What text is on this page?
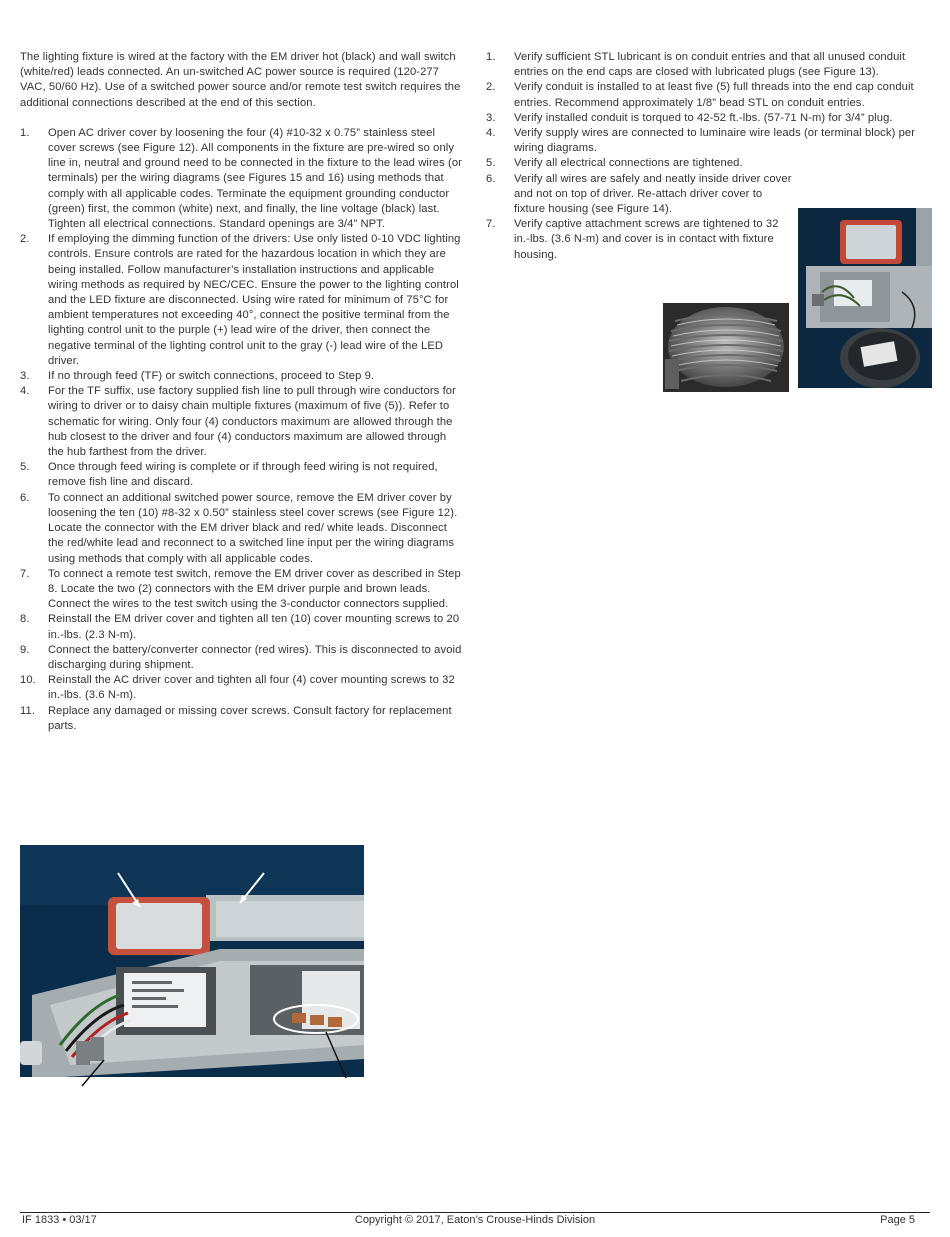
The lighting fixture is wired at the factory with the EM driver hot (black) and wall switch (white/red) leads connected. An un-switched AC power source is required (120-277 VAC, 50/60 Hz). Use of a switched power source and/or remote test switch requires the additional connections described at the end of this section.

1. Open AC driver cover by loosening the four (4) #10-32 x 0.75” stainless steel cover screws (see Figure 12). All components in the fixture are pre-wired so only line in, neutral and ground need to be connected in the fixture to the lead wires (or terminals) per the wiring diagrams (see Figures 15 and 16) using methods that comply with all applicable codes. Terminate the equipment grounding conductor (green) first, the common (white) next, and finally, the line voltage (black) last. Tighten all electrical connections. Standard openings are 3/4” NPT.
2. If employing the dimming function of the drivers: Use only listed 0-10 VDC lighting controls. Ensure controls are rated for the hazardous location in which they are being installed. Follow manufacturer’s installation instructions and applicable wiring methods as required by NEC/CEC. Ensure the power to the lighting control and the LED fixture are disconnected. Using wire rated for minimum of 75°C for ambient temperatures not exceeding 40°, connect the positive terminal from the lighting control unit to the purple (+) lead wire of the driver, then connect the negative terminal of the lighting control unit to the gray (-) lead wire of the LED driver.
3. If no through feed (TF) or switch connections, proceed to Step 9.
4. For the TF suffix, use factory supplied fish line to pull through wire conductors for wiring to driver or to daisy chain multiple fixtures (maximum of five (5)). Refer to schematic for wiring. Only four (4) conductors maximum are allowed through the hub closest to the driver and four (4) conductors maximum are allowed through the hub farthest from the driver.
5. Once through feed wiring is complete or if through feed wiring is not required, remove fish line and discard.
6. To connect an additional switched power source, remove the EM driver cover by loosening the ten (10) #8-32 x 0.50” stainless steel cover screws (see Figure 12). Locate the connector with the EM driver black and red/ white leads. Disconnect the red/white lead and reconnect to a switched line input per the wiring diagrams using methods that comply with all applicable codes.
7. To connect a remote test switch, remove the EM driver cover as described in Step 8. Locate the two (2) connectors with the EM driver purple and brown leads. Connect the wires to the test switch using the 3-conductor connectors supplied.
8. Reinstall the EM driver cover and tighten all ten (10) cover mounting screws to 20 in.-lbs. (2.3 N-m).
9. Connect the battery/converter connector (red wires). This is disconnected to avoid discharging during shipment.
10. Reinstall the AC driver cover and tighten all four (4) cover mounting screws to 32 in.-lbs. (3.6 N-m).
11. Replace any damaged or missing cover screws. Consult factory for replacement parts.
1. Verify sufficient STL lubricant is on conduit entries and that all unused conduit entries on the end caps are closed with lubricated plugs (see Figure 13).
2. Verify conduit is installed to at least five (5) full threads into the end cap conduit entries. Recommend approximately 1/8” bead STL on conduit entries.
3. Verify installed conduit is torqued to 42-52 ft.-lbs. (57-71 N-m) for 3/4” plug.
4. Verify supply wires are connected to luminaire wire leads (or terminal block) per wiring diagrams.
5. Verify all electrical connections are tightened.
6. Verify all wires are safely and neatly inside driver cover and not on top of driver. Re-attach driver cover to fixture housing (see Figure 14).
7. Verify captive attachment screws are tightened to 32 in.-lbs. (3.6 N-m) and cover is in contact with fixture housing.
IF 1833 • 03/17	Copyright © 2017, Eaton’s Crouse-Hinds Division	Page 5
